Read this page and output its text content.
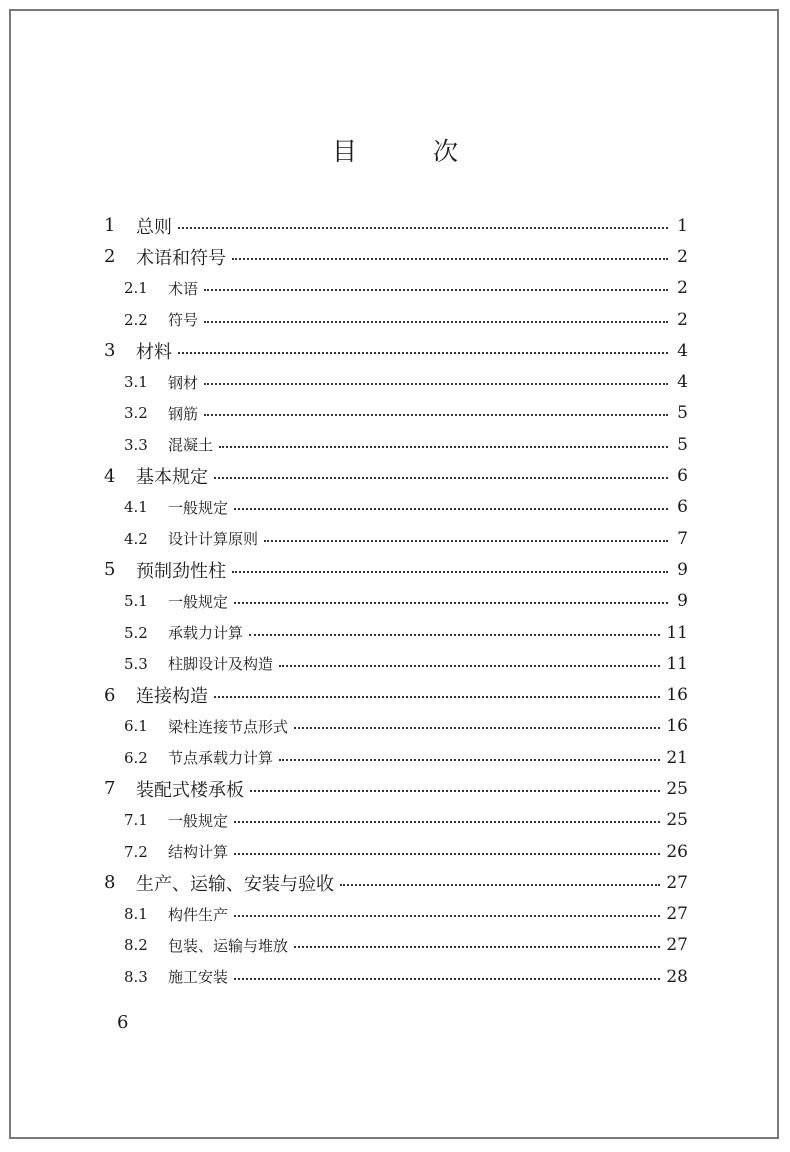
目	次
1	总则	1
2	术语和符号	2
2.1	术语	2
2.2	符号	2
3	材料	4
3.1	钢材	4
3.2	钢筋	5
3.3	混凝土	5
4	基本规定	6
4.1	一般规定	6
4.2	设计计算原则	7
5	预制劲性柱	9
5.1	一般规定	9
5.2	承载力计算	11
5.3	柱脚设计及构造	11
6	连接构造	16
6.1	梁柱连接节点形式	16
6.2	节点承载力计算	21
7	装配式楼承板	25
7.1	一般规定	25
7.2	结构计算	26
8	生产、运输、安装与验收	27
8.1	构件生产	27
8.2	包装、运输与堆放	27
8.3	施工安装	28
6
